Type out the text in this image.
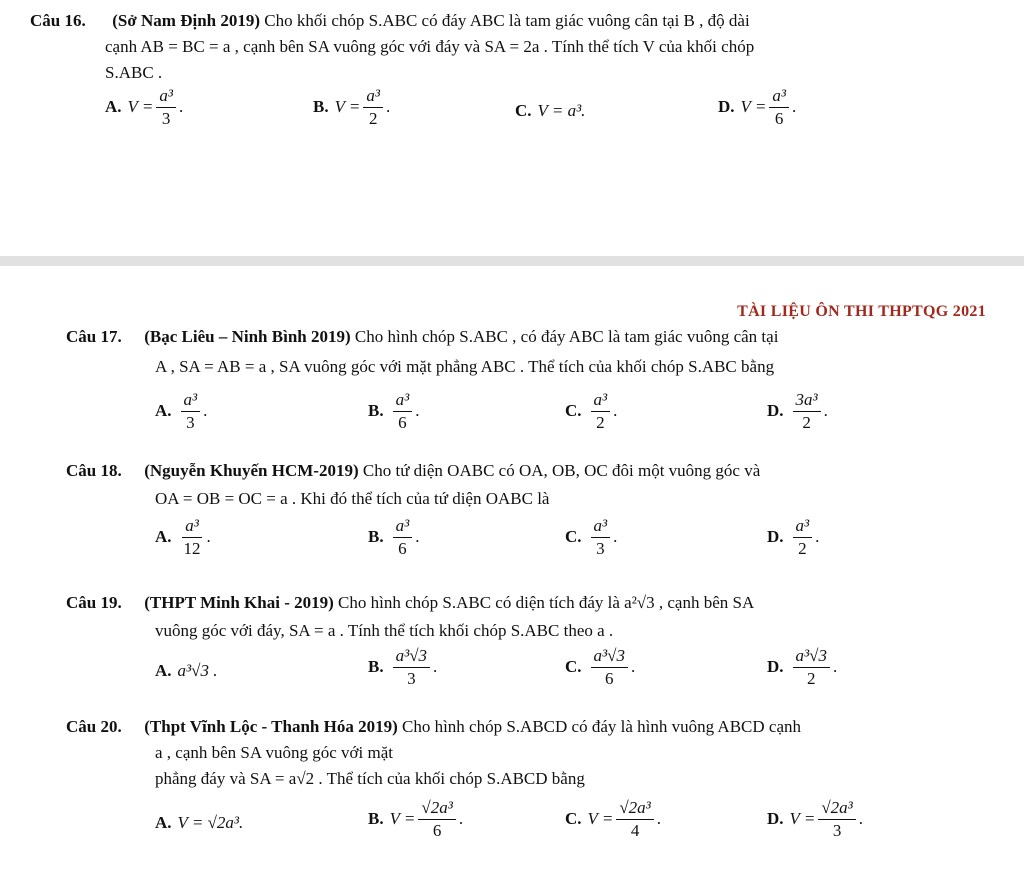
TÀI LIỆU ÔN THI THPTQG 2021
Câu 16. (Sở Nam Định 2019) Cho khối chóp S.ABC có đáy ABC là tam giác vuông cân tại B , độ dài
cạnh AB = BC = a , cạnh bên SA vuông góc với đáy và SA = 2a . Tính thể tích V của khối chóp
S.ABC .
A. $V = \frac{\text{a³}}{3}$ .	B. $V = \frac{\text{a³}}{2}$ .	C. V = a³.	D. $V = \frac{\text{a³}}{6}$ .
Câu 17. (Bạc Liêu – Ninh Bình 2019) Cho hình chóp S.ABC , có đáy ABC là tam giác vuông cân tại
A , SA = AB = a , SA vuông góc với mặt phẳng ABC . Thể tích của khối chóp S.ABC bằng
A. $\frac{\text{a³}}{3}$ .	B. $\frac{\text{a³}}{6}$ .	C. $\frac{\text{a³}}{2}$ .	D. $\frac{\text{3a³}}{2}$ .
Câu 18. (Nguyễn Khuyến HCM-2019) Cho tứ diện OABC có OA, OB, OC đôi một vuông góc và
OA = OB = OC = a . Khi đó thể tích của tứ diện OABC là
A. $\frac{\text{a³}}{12}$ .	B. $\frac{\text{a³}}{6}$ .	C. $\frac{\text{a³}}{3}$ .	D. $\frac{\text{a³}}{2}$ .
Câu 19. (THPT Minh Khai - 2019) Cho hình chóp S.ABC có diện tích đáy là a²√3 , cạnh bên SA
vuông góc với đáy, SA = a . Tính thể tích khối chóp S.ABC theo a .
A. a³√3 .	B. $\frac{\text{a³√3}}{3}$ .	C. $\frac{\text{a³√3}}{6}$ .	D. $\frac{\text{a³√3}}{2}$ .
Câu 20. (Thpt Vĩnh Lộc - Thanh Hóa 2019) Cho hình chóp S.ABCD có đáy là hình vuông ABCD cạnh
a , cạnh bên SA vuông góc với mặt
phẳng đáy và SA = a√2 . Thể tích của khối chóp S.ABCD bằng
A. V = √2a³.	B. $V = \frac{\text{√2a³}}{6}$ .	C. $V = \frac{\text{√2a³}}{4}$ .	D. $V = \frac{\text{√2a³}}{3}$ .
